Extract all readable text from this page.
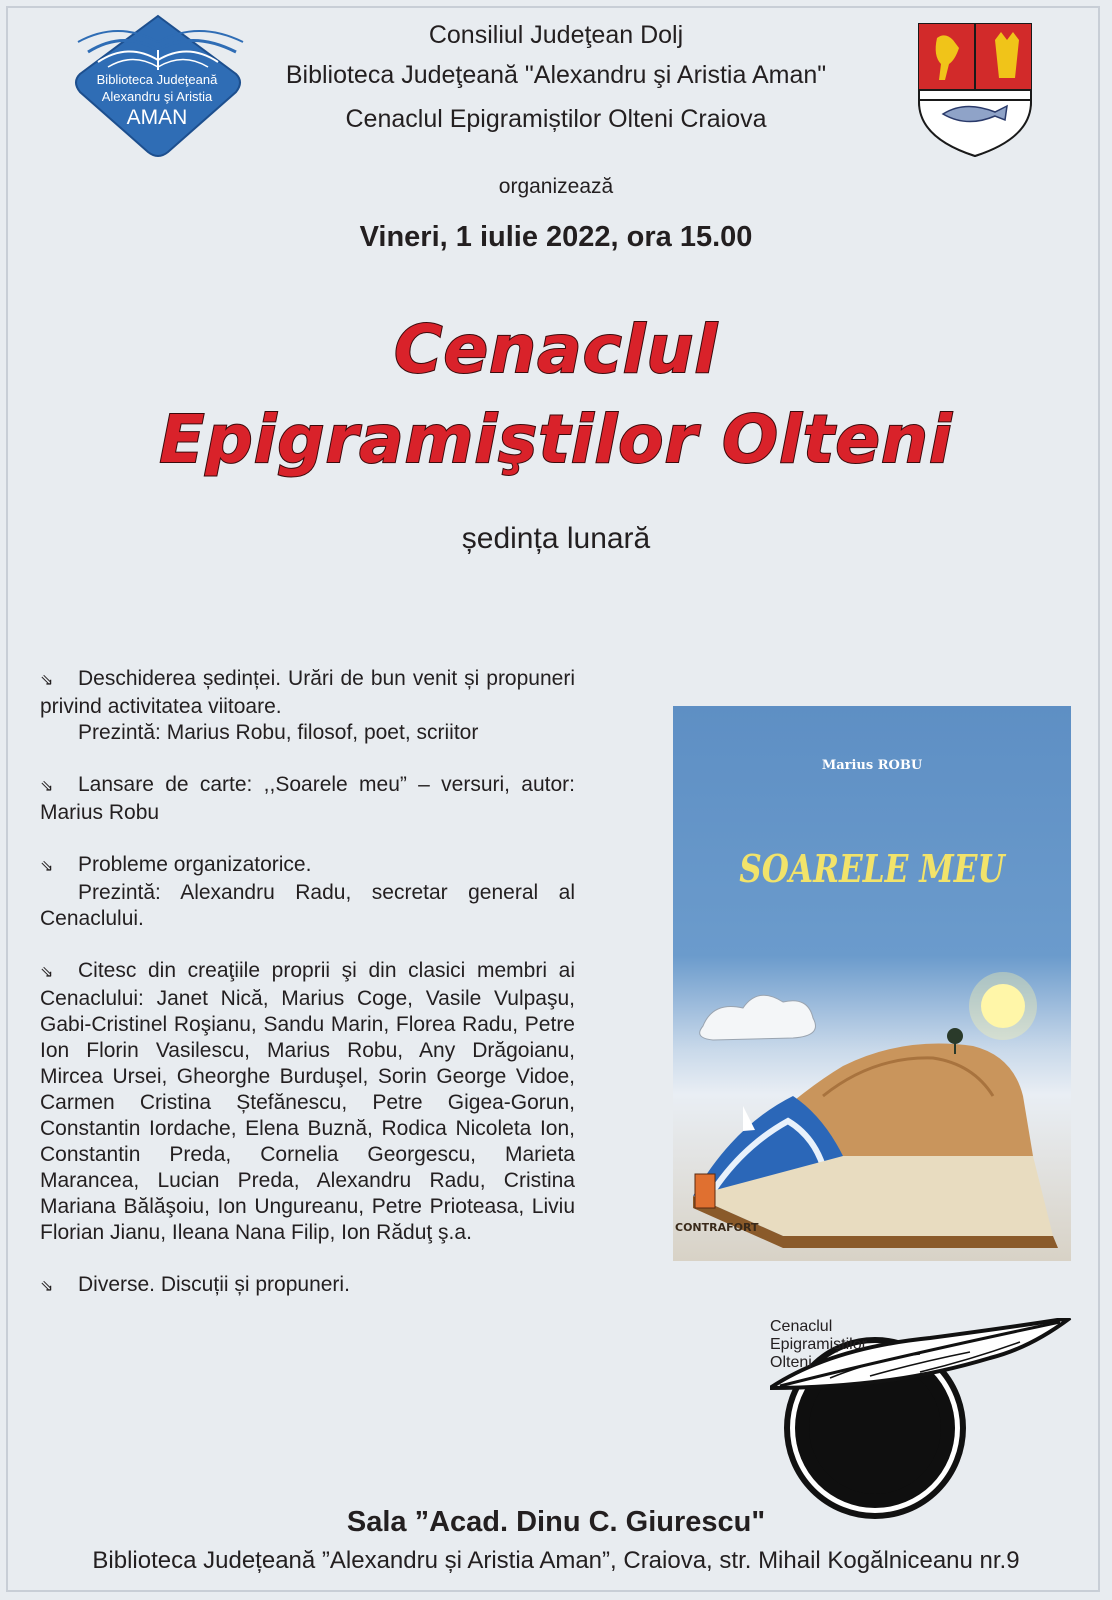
Biblioteca Judeţeană
Alexandru şi Aristia
AMAN
Consiliul Judeţean Dolj
Biblioteca Judeţeană "Alexandru şi Aristia Aman"
Cenaclul Epigramiștilor Olteni Craiova
organizează
Vineri, 1 iulie 2022, ora 15.00
Cenaclul
Epigramiştilor Olteni
ședința lunară

⇘ Deschiderea ședinței. Urări de bun venit și propuneri privind activitatea viitoare.
Prezintă: Marius Robu, filosof, poet, scriitor

⇘ Lansare de carte: ,,Soarele meu” – versuri, autor: Marius Robu

⇘ Probleme organizatorice.
Prezintă: Alexandru Radu, secretar general al Cenaclului.

⇘ Citesc din creaţiile proprii şi din clasici membri ai Cenaclului: Janet Nică, Marius Coge, Vasile Vulpaşu, Gabi-Cristinel Roşianu, Sandu Marin, Florea Radu, Petre Ion Florin Vasilescu, Marius Robu, Any Drăgoianu, Mircea Ursei, Gheorghe Burduşel, Sorin George Vidoe, Carmen Cristina Ștefănescu, Petre Gigea-Gorun, Constantin Iordache, Elena Buznă, Rodica Nicoleta Ion, Constantin Preda, Cornelia Georgescu, Marieta Marancea, Lucian Preda, Alexandru Radu, Cristina Mariana Bălăşoiu, Ion Ungureanu, Petre Prioteasa, Liviu Florian Jianu, Ileana Nana Filip, Ion Răduţ ş.a.

⇘ Diverse. Discuții și propuneri.

Marius ROBU
SOARELE MEU
CONTRAFORT
Cenaclul
Epigramiștilor
Olteni
Sala ”Acad. Dinu C. Giurescu"
Biblioteca Județeană ”Alexandru și Aristia Aman”, Craiova, str. Mihail Kogălniceanu nr.9
